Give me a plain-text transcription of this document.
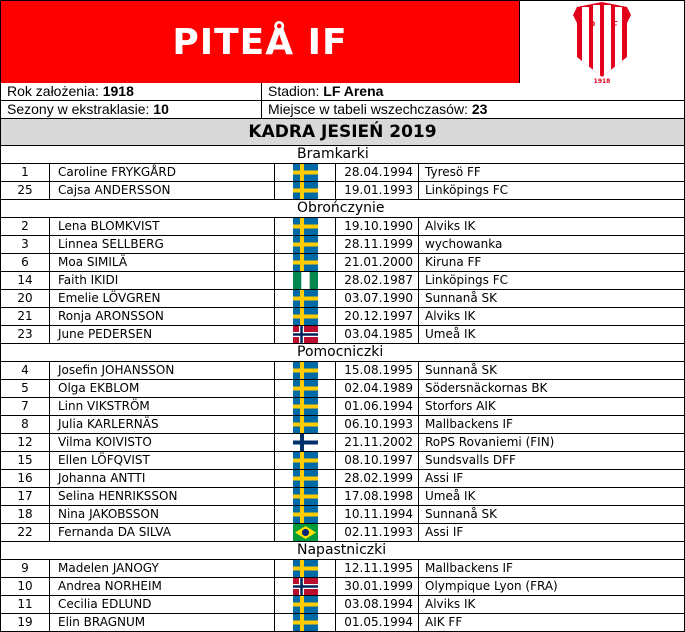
PITEÅ IF	P F
I
1918
Rok założenia: 1918	Stadion: LF Arena
Sezony w ekstraklasie: 10	Miejsce w tabeli wszechczasów: 23
KADRA JESIEŃ 2019
Bramkarki
1	Caroline FRYKGÅRD	28.04.1994	Tyresö FF
25	Cajsa ANDERSSON	19.01.1993	Linköpings FC
Obrończynie
2	Lena BLOMKVIST	19.10.1990	Alviks IK
3	Linnea SELLBERG	28.11.1999	wychowanka
6	Moa SIMILÄ	21.01.2000	Kiruna FF
14	Faith IKIDI	28.02.1987	Linköpings FC
20	Emelie LÖVGREN	03.07.1990	Sunnanå SK
21	Ronja ARONSSON	20.12.1997	Alviks IK
23	June PEDERSEN	03.04.1985	Umeå IK
Pomocniczki
4	Josefin JOHANSSON	15.08.1995	Sunnanå SK
5	Olga EKBLOM	02.04.1989	Södersnäckornas BK
7	Linn VIKSTRÖM	01.06.1994	Storfors AIK
8	Julia KARLERNÄS	06.10.1993	Mallbackens IF
12	Vilma KOIVISTO	21.11.2002	RoPS Rovaniemi (FIN)
15	Ellen LÖFQVIST	08.10.1997	Sundsvalls DFF
16	Johanna ANTTI	28.02.1999	Assi IF
17	Selina HENRIKSSON	17.08.1998	Umeå IK
18	Nina JAKOBSSON	10.11.1994	Sunnanå SK
22	Fernanda DA SILVA	02.11.1993	Assi IF
Napastniczki
9	Madelen JANOGY	12.11.1995	Mallbackens IF
10	Andrea NORHEIM	30.01.1999	Olympique Lyon (FRA)
11	Cecilia EDLUND	03.08.1994	Alviks IK
19	Elin BRAGNUM	01.05.1994	AIK FF
